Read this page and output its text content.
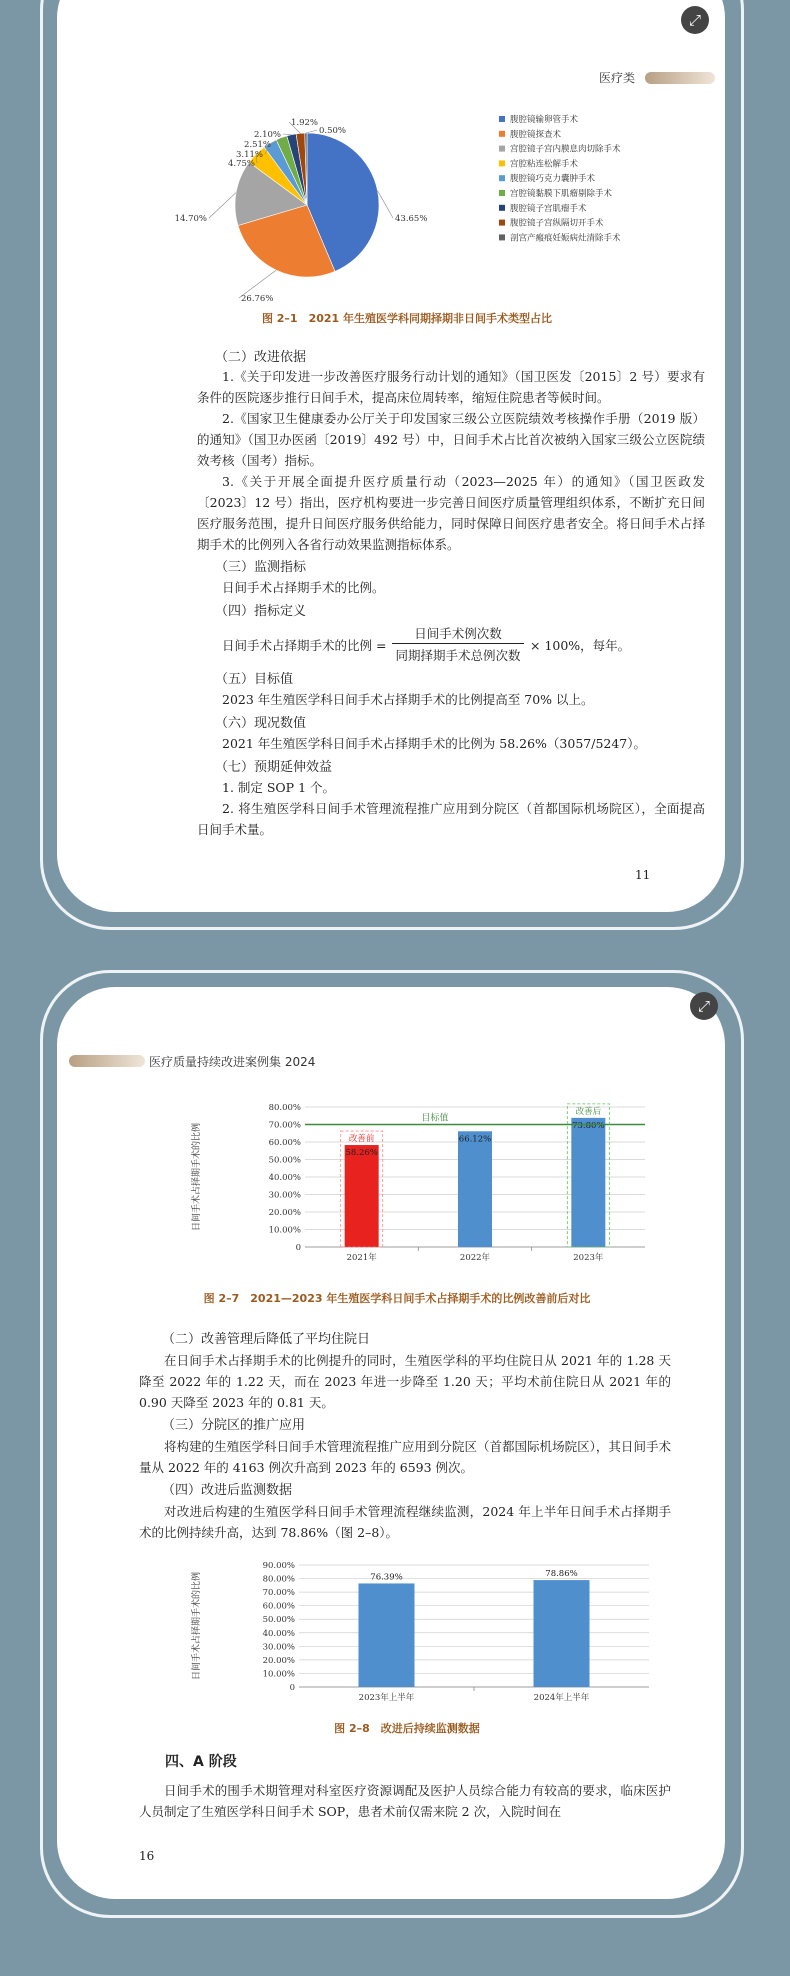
⤢
医疗类
43.65%
26.76%
14.70%
4.75%
3.11%
2.51%
2.10%
1.92%
0.50%
腹腔镜输卵管手术
腹腔镜探查术
宫腔镜子宫内膜息肉切除手术
宫腔粘连松解手术
腹腔镜巧克力囊肿手术
宫腔镜黏膜下肌瘤剔除手术
腹腔镜子宫肌瘤手术
腹腔镜子宫纵隔切开手术
剖宫产瘢痕妊娠病灶清除手术
图 2–1　2021 年生殖医学科同期择期非日间手术类型占比
（二）改进依据
1.《关于印发进一步改善医疗服务行动计划的通知》（国卫医发〔2015〕2 号）要求有条件的医院逐步推行日间手术，提高床位周转率，缩短住院患者等候时间。
2.《国家卫生健康委办公厅关于印发国家三级公立医院绩效考核操作手册（2019 版）的通知》（国卫办医函〔2019〕492 号）中，日间手术占比首次被纳入国家三级公立医院绩效考核（国考）指标。
3.《关于开展全面提升医疗质量行动（2023—2025 年）的通知》（国卫医政发〔2023〕12 号）指出，医疗机构要进一步完善日间医疗质量管理组织体系，不断扩充日间医疗服务范围，提升日间医疗服务供给能力，同时保障日间医疗患者安全。将日间手术占择期手术的比例列入各省行动效果监测指标体系。
（三）监测指标
日间手术占择期手术的比例。
（四）指标定义
日间手术占择期手术的比例 =
日间手术例次数
同期择期手术总例次数
× 100%，每年。
（五）目标值
2023 年生殖医学科日间手术占择期手术的比例提高至 70% 以上。
（六）现况数值
2021 年生殖医学科日间手术占择期手术的比例为 58.26%（3057/5247）。
（七）预期延伸效益
1. 制定 SOP 1 个。
2. 将生殖医学科日间手术管理流程推广应用到分院区（首都国际机场院区），全面提高日间手术量。
11
⤢
医疗质量持续改进案例集 2024
日间手术占择期手术的比例
0
10.00%
20.00%
30.00%
40.00%
50.00%
60.00%
70.00%
80.00%
58.26%
2021年
66.12%
2022年
73.80%
2023年
目标值
改善前
改善后
图 2–7　2021—2023 年生殖医学科日间手术占择期手术的比例改善前后对比
（二）改善管理后降低了平均住院日
在日间手术占择期手术的比例提升的同时，生殖医学科的平均住院日从 2021 年的 1.28 天降至 2022 年的 1.22 天，而在 2023 年进一步降至 1.20 天；平均术前住院日从 2021 年的 0.90 天降至 2023 年的 0.81 天。
（三）分院区的推广应用
将构建的生殖医学科日间手术管理流程推广应用到分院区（首都国际机场院区），其日间手术量从 2022 年的 4163 例次升高到 2023 年的 6593 例次。
（四）改进后监测数据
对改进后构建的生殖医学科日间手术管理流程继续监测，2024 年上半年日间手术占择期手术的比例持续升高，达到 78.86%（图 2–8）。
日间手术占择期手术的比例
0
10.00%
20.00%
30.00%
40.00%
50.00%
60.00%
70.00%
80.00%
90.00%
76.39%
2023年上半年
78.86%
2024年上半年
图 2–8　改进后持续监测数据
四、A 阶段
日间手术的围手术期管理对科室医疗资源调配及医护人员综合能力有较高的要求，临床医护人员制定了生殖医学科日间手术 SOP，患者术前仅需来院 2 次，入院时间在
16
